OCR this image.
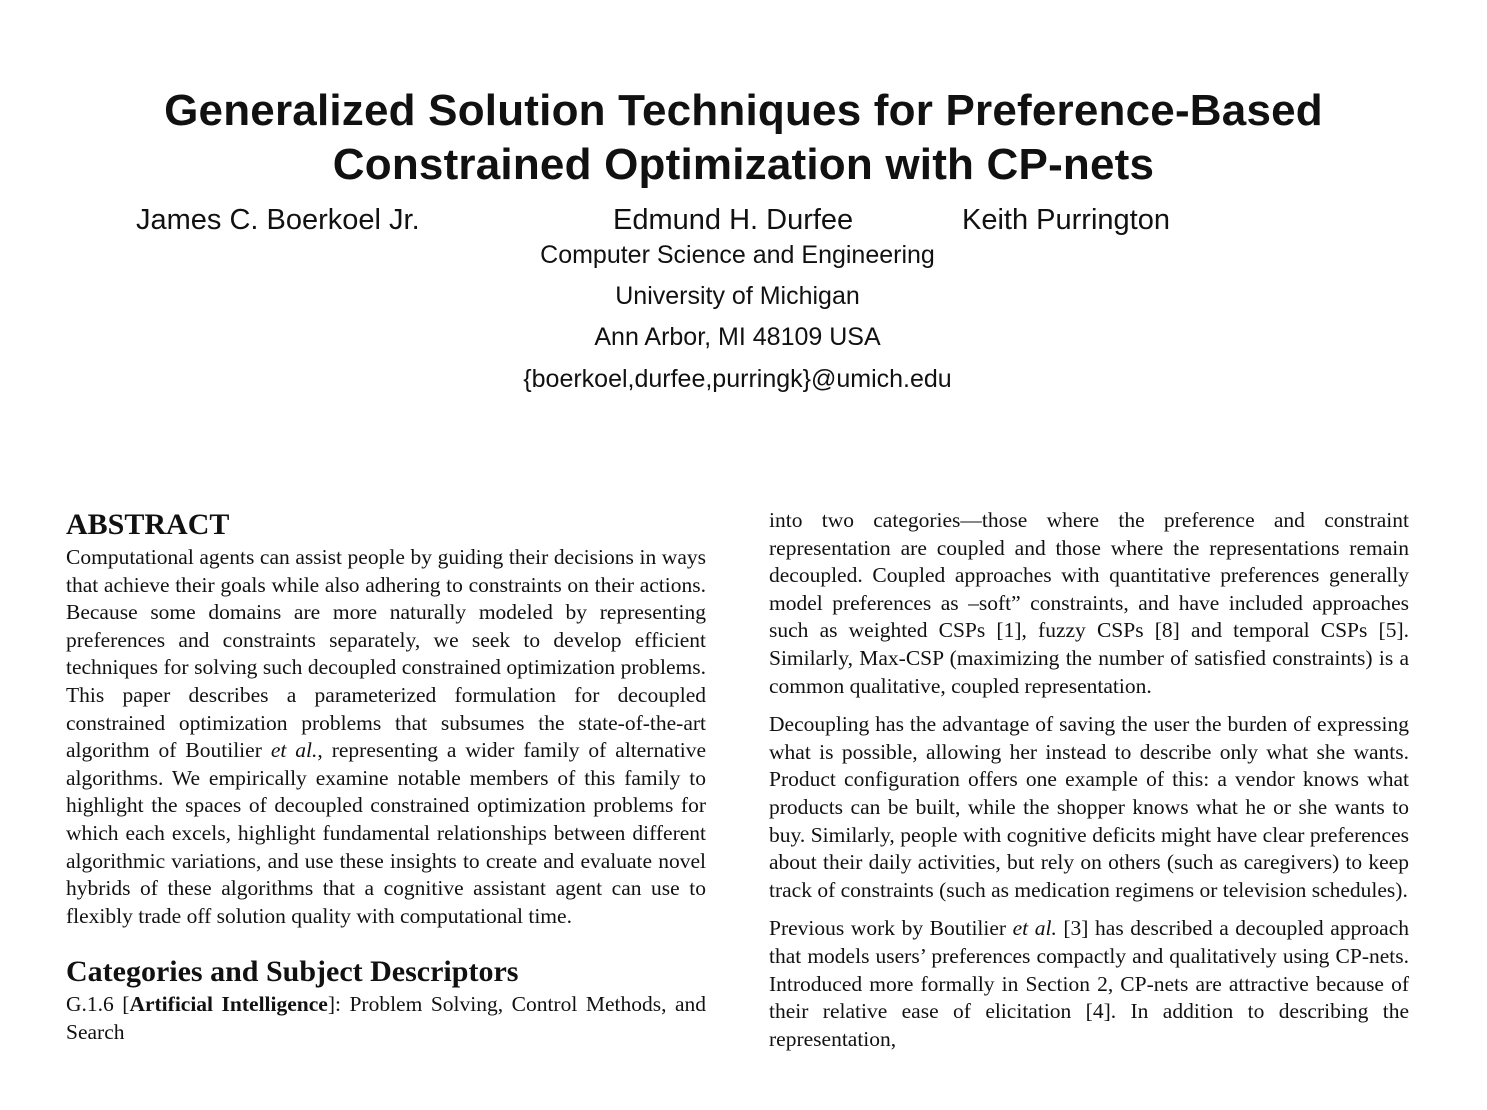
Generalized Solution Techniques for Preference-Based
Constrained Optimization with CP-nets
James C. Boerkoel Jr.	Edmund H. Durfee	Keith Purrington
Computer Science and Engineering
University of Michigan
Ann Arbor, MI 48109 USA
{boerkoel,durfee,purringk}@umich.edu
ABSTRACT

Computational agents can assist people by guiding their decisions in ways that achieve their goals while also adhering to constraints on their actions. Because some domains are more naturally modeled by representing preferences and constraints separately, we seek to develop efficient techniques for solving such decoupled constrained optimization problems. This paper describes a parameterized formulation for decoupled constrained optimization problems that subsumes the state-of-the-art algorithm of Boutilier et al., representing a wider family of alternative algorithms. We empirically examine notable members of this family to highlight the spaces of decoupled constrained optimization problems for which each excels, highlight fundamental relationships between different algorithmic variations, and use these insights to create and evaluate novel hybrids of these algorithms that a cognitive assistant agent can use to flexibly trade off solution quality with computational time.

Categories and Subject Descriptors

G.1.6 [Artificial Intelligence]: Problem Solving, Control Methods, and Search

into two categories—those where the preference and constraint representation are coupled and those where the representations remain decoupled. Coupled approaches with quantitative preferences generally model preferences as –soft” constraints, and have included approaches such as weighted CSPs [1], fuzzy CSPs [8] and temporal CSPs [5]. Similarly, Max-CSP (maximizing the number of satisfied constraints) is a common qualitative, coupled representation.

Decoupling has the advantage of saving the user the burden of expressing what is possible, allowing her instead to describe only what she wants. Product configuration offers one example of this: a vendor knows what products can be built, while the shopper knows what he or she wants to buy. Similarly, people with cognitive deficits might have clear preferences about their daily activities, but rely on others (such as caregivers) to keep track of constraints (such as medication regimens or television schedules).

Previous work by Boutilier et al. [3] has described a decoupled approach that models users’ preferences compactly and qualitatively using CP-nets. Introduced more formally in Section 2, CP-nets are attractive because of their relative ease of elicitation [4]. In addition to describing the representation,
